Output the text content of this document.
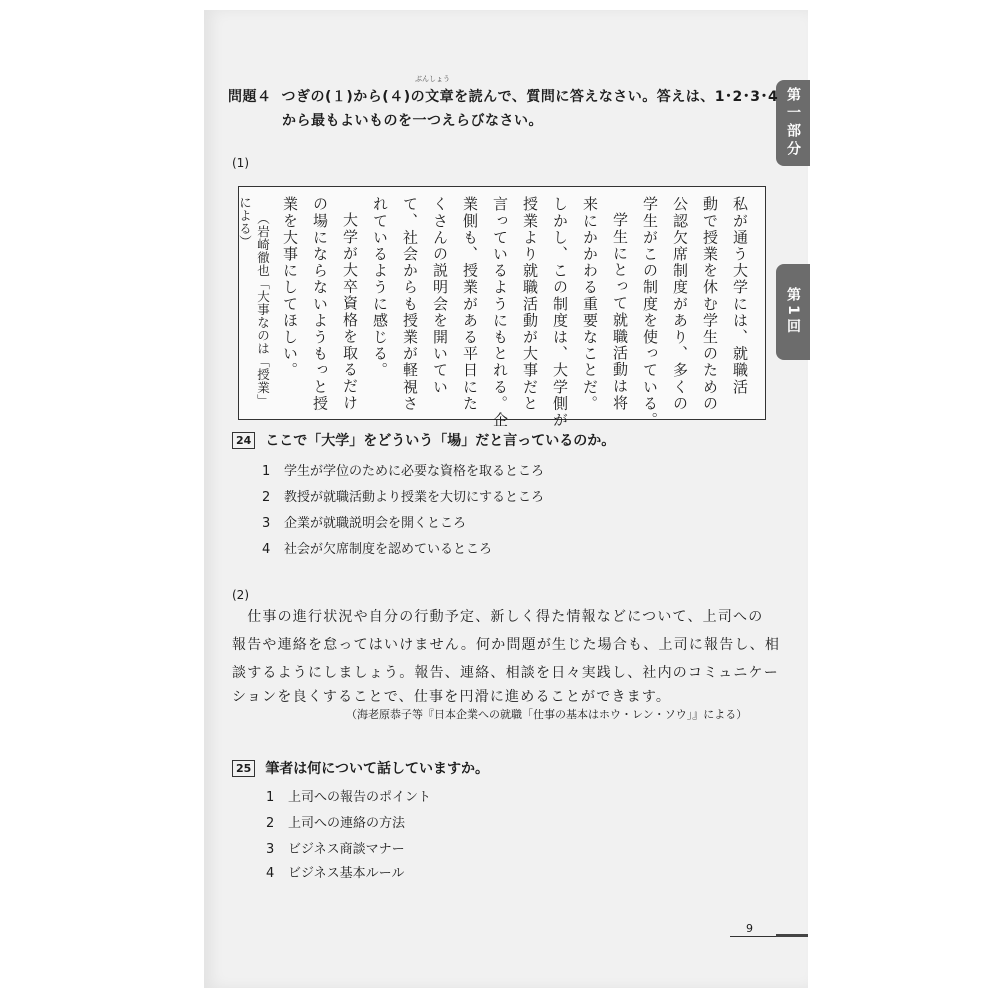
第一部分
第1回
ぶんしょう
問題４ つぎの(１)から(４)の文章を読んで、質問に答えなさい。答えは、1･2･3･4
から最もよいものを一つえらびなさい。
(1)
私が通う大学には、就職活
動で授業を休む学生のための
公認欠席制度があり、多くの
学生がこの制度を使っている。
学生にとって就職活動は将
来にかかわる重要なことだ。
しかし、この制度は、大学側が
授業より就職活動が大事だと
言っているようにもとれる。企
業側も、授業がある平日にた
くさんの説明会を開いてい
て、社会からも授業が軽視さ
れているように感じる。
大学が大卒資格を取るだけ
の場にならないようもっと授
業を大事にしてほしい。
（岩崎徹也「大事なのは「授業」
による）
24 ここで「大学」をどういう「場」だと言っているのか。
1 学生が学位のために必要な資格を取るところ
2 教授が就職活動より授業を大切にするところ
3 企業が就職説明会を開くところ
4 社会が欠席制度を認めているところ
(2)
　仕事の進行状況や自分の行動予定、新しく得た情報などについて、上司への
報告や連絡を怠ってはいけません。何か問題が生じた場合も、上司に報告し、相
談するようにしましょう。報告、連絡、相談を日々実践し、社内のコミュニケー
ションを良くすることで、仕事を円滑に進めることができます。
（海老原恭子等『日本企業への就職「仕事の基本はホウ・レン・ソウ」』による）
25 筆者は何について話していますか。
1 上司への報告のポイント
2 上司への連絡の方法
3 ビジネス商談マナー
4 ビジネス基本ルール
9
